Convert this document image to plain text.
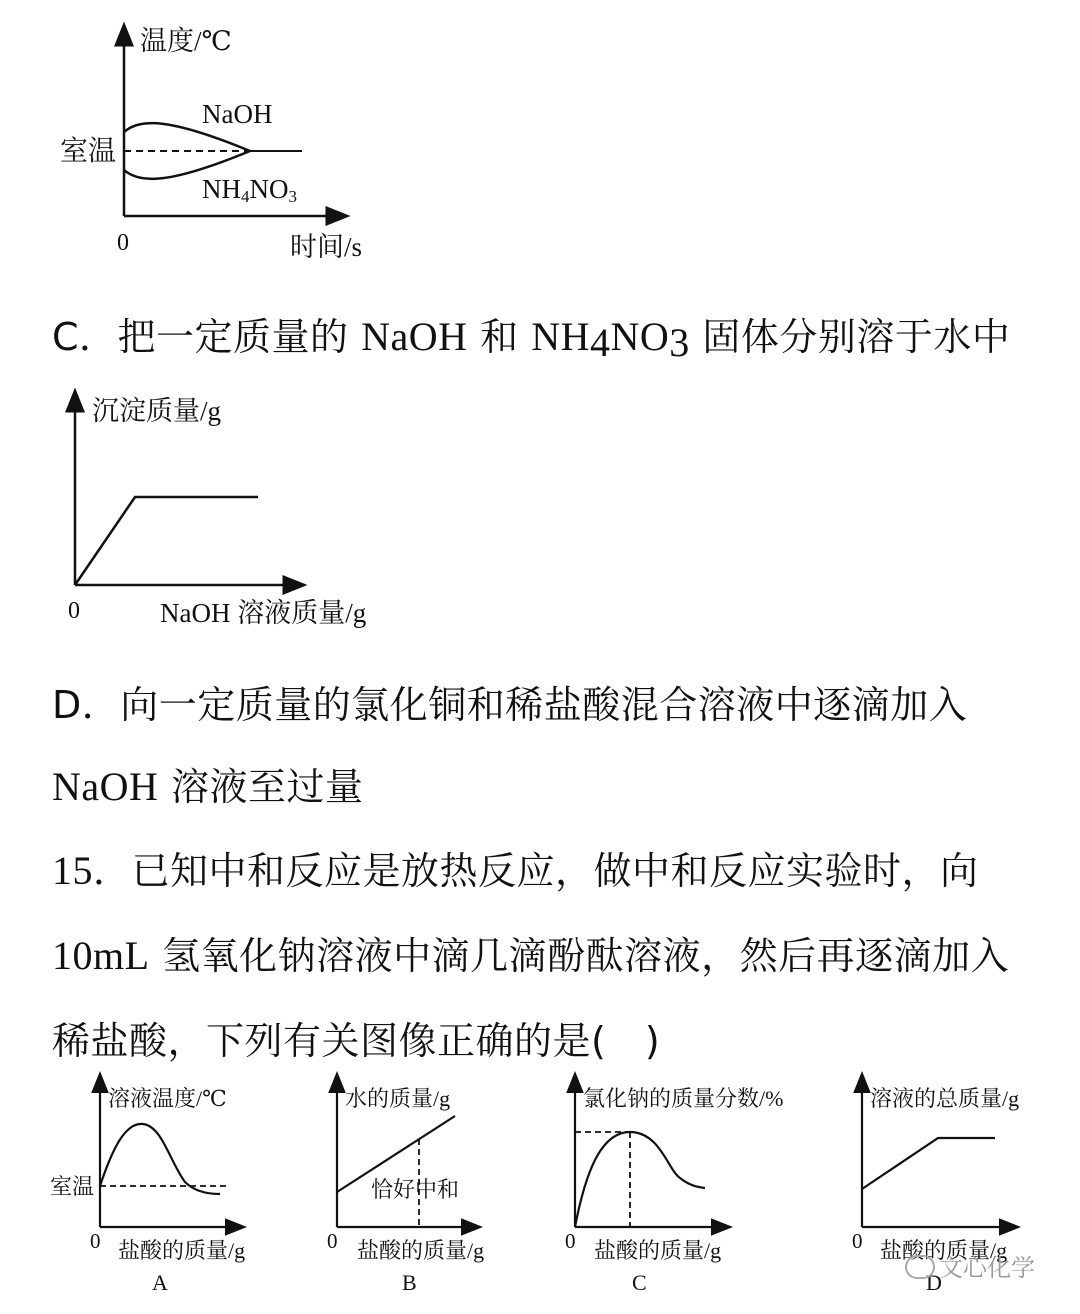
温度/℃
室温
NaOH
NH4NO3
0	时间/s
沉淀质量/g
0	NaOH 溶液质量/g
溶液温度/℃
室温
0 盐酸的质量/g
A
水的质量/g
恰好中和
0 盐酸的质量/g
B
氯化钠的质量分数/%
0 盐酸的质量/g
C
溶液的总质量/g
0 盐酸的质量/g
D
C．把一定质量的 NaOH 和 NH4NO3 固体分别溶于水中
D．向一定质量的氯化铜和稀盐酸混合溶液中逐滴加入
NaOH 溶液至过量
15．已知中和反应是放热反应，做中和反应实验时，向
10mL 氢氧化钠溶液中滴几滴酚酞溶液，然后再逐滴加入
稀盐酸，下列有关图像正确的是(　)
文心化学
